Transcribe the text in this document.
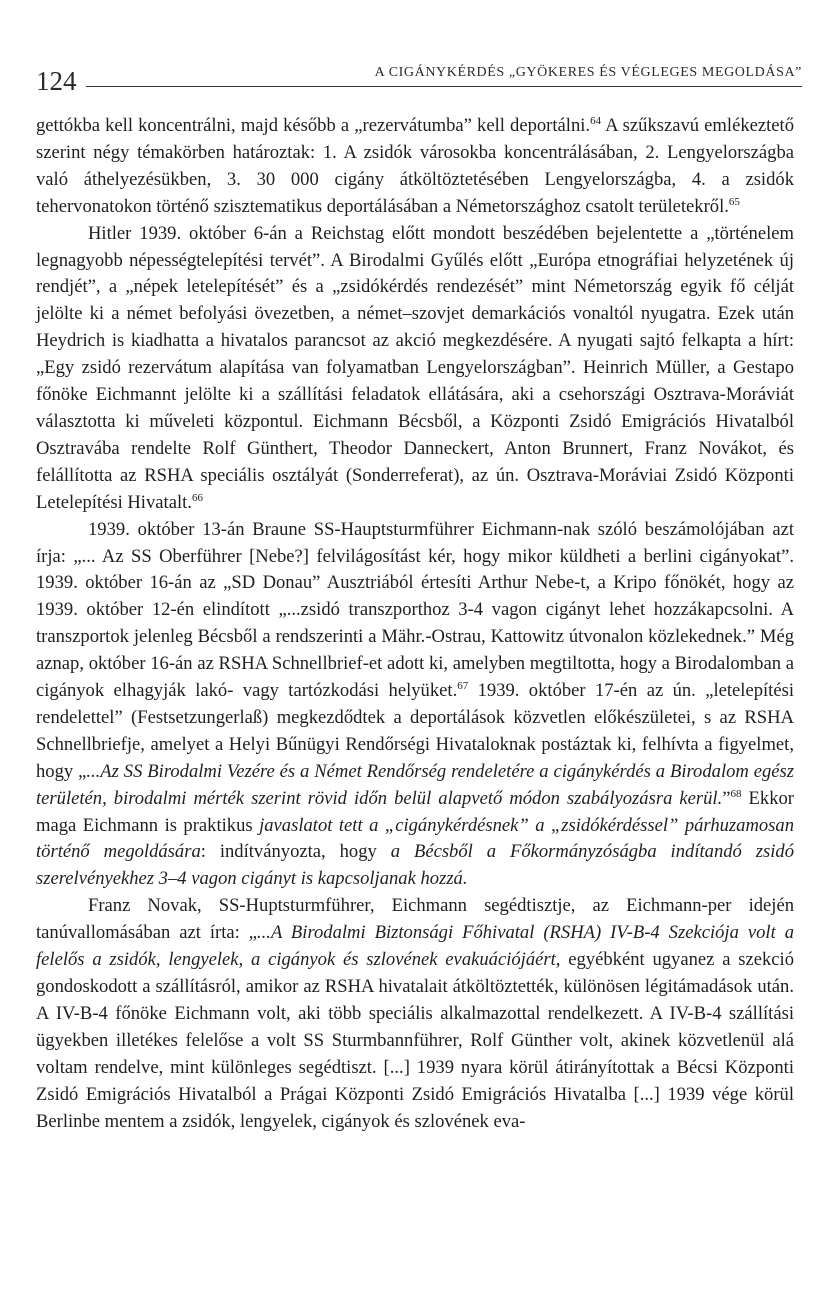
124	A CIGÁNYKÉRDÉS „GYÖKERES ÉS VÉGLEGES MEGOLDÁSA”

gettókba kell koncentrálni, majd később a „rezervátumba” kell deportálni.$^{64}$ A szűkszavú emlékeztető szerint négy témakörben határoztak: 1. A zsidók városokba koncentrálásában, 2. Lengyelországba való áthelyezésükben, 3. 30 000 cigány átköltöztetésében Lengyelországba, 4. a zsidók tehervonatokon történő szisztematikus deportálásában a Németországhoz csatolt területekről.$^{65}$

Hitler 1939. október 6-án a Reichstag előtt mondott beszédében bejelentette a „történelem legnagyobb népességtelepítési tervét”. A Birodalmi Gyűlés előtt „Európa etnográfiai helyzetének új rendjét”, a „népek letelepítését” és a „zsidókérdés rendezését” mint Németország egyik fő célját jelölte ki a német befolyási övezetben, a német–szovjet demarkációs vonaltól nyugatra. Ezek után Heydrich is kiadhatta a hivatalos parancsot az akció megkezdésére. A nyugati sajtó felkapta a hírt: „Egy zsidó rezervátum alapítása van folyamatban Lengyelországban”. Heinrich Müller, a Gestapo főnöke Eichmannt jelölte ki a szállítási feladatok ellátására, aki a csehországi Osztrava-Moráviát választotta ki műveleti központul. Eichmann Bécsből, a Központi Zsidó Emigrációs Hivatalból Osztravába rendelte Rolf Günthert, Theodor Danneckert, Anton Brunnert, Franz Novákot, és felállította az RSHA speciális osztályát (Sonderreferat), az ún. Osztrava-Moráviai Zsidó Központi Letelepítési Hivatalt.$^{66}$

1939. október 13-án Braune SS-Hauptsturmführer Eichmann-nak szóló beszámolójában azt írja: „... Az SS Oberführer [Nebe?] felvilágosítást kér, hogy mikor küldheti a berlini cigányokat”. 1939. október 16-án az „SD Donau” Ausztriából értesíti Arthur Nebe-t, a Kripo főnökét, hogy az 1939. október 12-én elindított „...zsidó transzporthoz 3-4 vagon cigányt lehet hozzákapcsolni. A transzportok jelenleg Bécsből a rendszerinti a Mähr.-Ostrau, Kattowitz útvonalon közlekednek.” Még aznap, október 16-án az RSHA Schnellbrief-et adott ki, amelyben megtiltotta, hogy a Birodalomban a cigányok elhagyják lakó- vagy tartózkodási helyüket.$^{67}$ 1939. október 17-én az ún. „letelepítési rendelettel” (Festsetzungerlaß) megkezdődtek a deportálások közvetlen előkészületei, s az RSHA Schnellbriefje, amelyet a Helyi Bűnügyi Rendőrségi Hivataloknak postáztak ki, felhívta a figyelmet, hogy „...Az SS Birodalmi Vezére és a Német Rendőrség rendeletére a cigánykérdés a Birodalom egész területén, birodalmi mérték szerint rövid időn belül alapvető módon szabályozásra kerül.”$^{68}$ Ekkor maga Eichmann is praktikus javaslatot tett a „cigánykérdésnek” a „zsidókérdéssel” párhuzamosan történő megoldására: indítványozta, hogy a Bécsből a Főkormányzóságba indítandó zsidó szerelvényekhez 3–4 vagon cigányt is kapcsoljanak hozzá.

Franz Novak, SS-Huptsturmführer, Eichmann segédtisztje, az Eichmann-per idején tanúvallomásában azt írta: „...A Birodalmi Biztonsági Főhivatal (RSHA) IV-B-4 Szekciója volt a felelős a zsidók, lengyelek, a cigányok és szlovének evakuációjáért, egyébként ugyanez a szekció gondoskodott a szállításról, amikor az RSHA hivatalait átköltöztették, különösen légitámadások után. A IV-B-4 főnöke Eichmann volt, aki több speciális alkalmazottal rendelkezett. A IV-B-4 szállítási ügyekben illetékes felelőse a volt SS Sturmbannführer, Rolf Günther volt, akinek közvetlenül alá voltam rendelve, mint különleges segédtiszt. [...] 1939 nyara körül átirányítottak a Bécsi Központi Zsidó Emigrációs Hivatalból a Prágai Központi Zsidó Emigrációs Hivatalba [...] 1939 vége körül Berlinbe mentem a zsidók, lengyelek, cigányok és szlovének eva-
